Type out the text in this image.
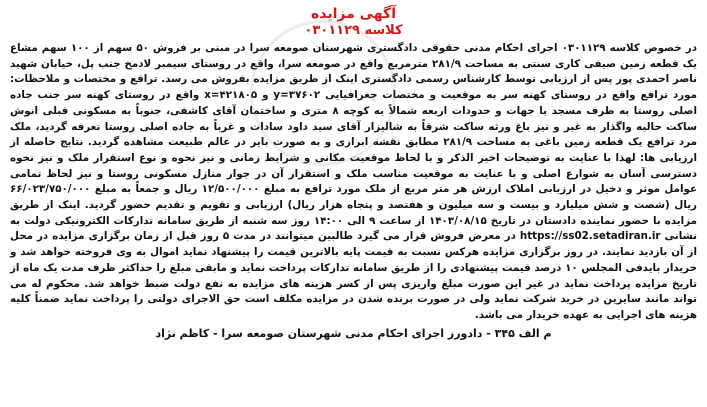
آگهی مزایده
کلاسه ۰۳۰۱۱۲۹

در خصوص کلاسه ۰۳۰۱۱۲۹ اجرای احکام مدنی حقوقی دادگستری شهرستان صومعه سرا در مبنی بر فروش ۵۰ سهم از ۱۰۰ سهم مشاع یک قطعه زمین صیفی کاری سنتی به مساحت ۲۸۱/۹ مترمربع واقع در صومعه سرا، واقع در روستای سیمبر لادمخ جنب پل، خیابان شهید ناصر احمدی پور پس از ارزیابی توسط کارشناس رسمی دادگستری اینک از طریق مزایده بفروش می رسد. تراقع و مختصات و ملاحظات: مورد ترافع واقع در روستای کهنه سر به موقعیت و مختصات جغرافیایی ۳۷۶۰۲=y و ۴۲۱۸۰۵=x واقع در روستای کهنه سر جنب جاده اصلی روستا به طرف مسجد با جهات و حدودات اربعه شمالاً به کوچه ۸ متری و ساختمان آقای کاشفی، جنوباً به مسکونی قبلی انوش ساکت حالیه واگذار به غیر و نیز باغ ورثه ساکت شرقاً به شالیزار آقای سید داود سادات و غرباً به جاده اصلی روستا تعرفه گردید، ملک مرد ترافع یک قطعه زمین باغی به مساحت ۲۸۱/۹ مطابق نقشه ابرازی و به صورت بایر در عالم طبیعت مشاهده گردید. نتایج حاصله از ارزیابی ها: لهذا با عنایت به توضیحات اخیر الذکر و با لحاظ موقعیت مکانی و شرایط زمانی و نیز نحوه و نوع استقرار ملک و نیز نحوه دسترسی آسان به شوارع اصلی و با عنایت به موقعیت مناسب ملک و استقرار آن در جوار منازل مسکونی روستا و نیز لحاظ تمامی عوامل موثر و دخیل در ارزیابی املاک ارزش هر متر مربع از ملک مورد ترافع به مبلغ ۱۲/۵۰۰/۰۰۰ ریال و جمعاً به مبلغ ۶۶/۰۲۳/۷۵۰/۰۰۰ ریال (شصت و شش میلیارد و بیست و سه میلیون و هفتصد و پنجاه هزار ریال) ارزیابی و تقویم و تقدیم حضور گردید. اینک از طریق مزایده با حضور نماینده دادستان در تاریخ ۱۴۰۳/۰۸/۱۵ از ساعت ۹ الی ۱۴:۰۰ روز سه شنبه از طریق سامانه تدارکات الکترونیکی دولت به نشانی https://ss02.setadiran.ir در معرض فروش قرار می گیرد طالبین میتوانند در مدت ۵ روز قبل از زمان برگزاری مزایده در محل از آن بازدید نمایند. در روز برگزاری مزایده هرکس نسبت به قیمت پایه بالاترین قیمت را پیشنهاد نماید اموال به وی فروخته خواهد شد و خریدار بایدفی المجلس ۱۰ درصد قیمت پیشنهادی را از طریق سامانه تدارکات پرداخت نماید و مابقی مبلغ را حداکثر ظرف مدت یک ماه از تاریخ مزایده پرداخت نماید در غیر این صورت مبلغ واریزی پس از کسر هزینه های مزایده به نفع دولت ضبط خواهد شد. محکوم له می تواند مانند سایرین در خرید شرکت نماید ولی در صورت برنده شدن در مزایده مکلف است حق الاجرای دولتی را پرداخت نماید ضمناً کلیه هزینه های اجرایی به عهده خریدار می باشد.

م الف ۳۴۵ - دادورز اجرای احکام مدنی شهرستان صومعه سرا - کاظم نژاد
